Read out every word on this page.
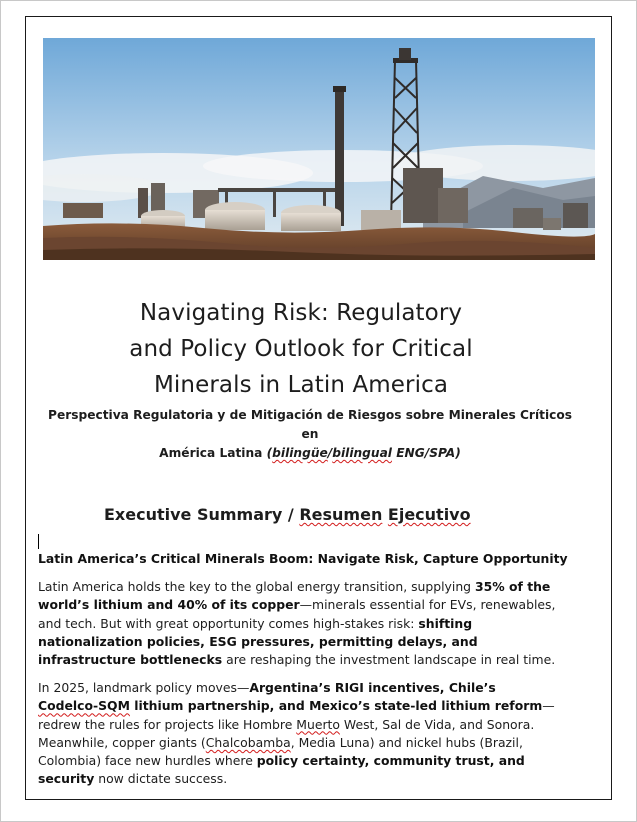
Navigating Risk: Regulatory
and Policy Outlook for Critical
Minerals in Latin America

Perspectiva Regulatoria y de Mitigación de Riesgos sobre Minerales Críticos en
América Latina (bilingüe/bilingual ENG/SPA)

Executive Summary / Resumen Ejecutivo

Latin America’s Critical Minerals Boom: Navigate Risk, Capture Opportunity

Latin America holds the key to the global energy transition, supplying 35% of the world’s lithium and 40% of its copper—minerals essential for EVs, renewables, and tech. But with great opportunity comes high-stakes risk: shifting nationalization policies, ESG pressures, permitting delays, and infrastructure bottlenecks are reshaping the investment landscape in real time.

In 2025, landmark policy moves—Argentina’s RIGI incentives, Chile’s Codelco-SQM lithium partnership, and Mexico’s state-led lithium reform—redrew the rules for projects like Hombre Muerto West, Sal de Vida, and Sonora. Meanwhile, copper giants (Chalcobamba, Media Luna) and nickel hubs (Brazil, Colombia) face new hurdles where policy certainty, community trust, and security now dictate success.
